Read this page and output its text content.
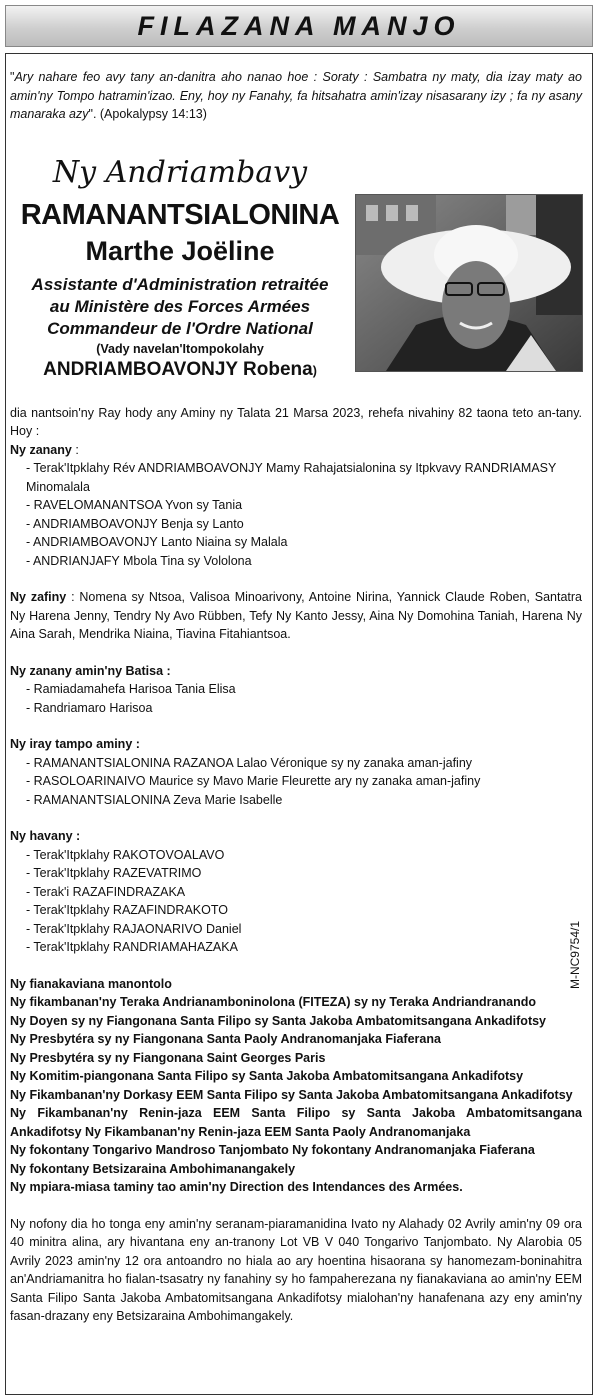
FILAZANA MANJO
M-NC9754/1

"Ary nahare feo avy tany an-danitra aho nanao hoe : Soraty : Sambatra ny maty, dia izay maty ao amin'ny Tompo hatramin'izao. Eny, hoy ny Fanahy, fa hitsahatra amin'izay nisasarany izy ; fa ny asany manaraka azy". (Apokalypsy 14:13)

Ny Andriambavy
RAMANANTSIALONINA
Marthe Joëline
Assistante d'Administration retraitée
au Ministère des Forces Armées
Commandeur de l'Ordre National
(Vady navelan'Itompokolahy
ANDRIAMBOAVONJY Robena)

dia nantsoin'ny Ray hody any Aminy ny Talata 21 Marsa 2023, rehefa nivahiny 82 taona teto an-tany. Hoy :

Ny zanany :

- Terak'Itpklahy Rév ANDRIAMBOAVONJY Mamy Rahajatsialonina sy Itpkvavy RANDRIAMASY Minomalala
- RAVELOMANANTSOA Yvon sy Tania
- ANDRIAMBOAVONJY Benja sy Lanto
- ANDRIAMBOAVONJY Lanto Niaina sy Malala
- ANDRIANJAFY Mbola Tina sy Vololona

Ny zafiny : Nomena sy Ntsoa, Valisoa Minoarivony, Antoine Nirina, Yannick Claude Roben, Santatra Ny Harena Jenny, Tendry Ny Avo Rübben, Tefy Ny Kanto Jessy, Aina Ny Domohina Taniah, Harena Ny Aina Sarah, Mendrika Niaina, Tiavina Fitahiantsoa.

Ny zanany amin'ny Batisa :

- Ramiadamahefa Harisoa Tania Elisa
- Randriamaro Harisoa

Ny iray tampo aminy :

- RAMANANTSIALONINA RAZANOA Lalao Véronique sy ny zanaka aman-jafiny
- RASOLOARINAIVO Maurice sy Mavo Marie Fleurette ary ny zanaka aman-jafiny
- RAMANANTSIALONINA Zeva Marie Isabelle

Ny havany :

- Terak'Itpklahy RAKOTOVOALAVO
- Terak'Itpklahy RAZEVATRIMO
- Terak'i RAZAFINDRAZAKA
- Terak'Itpklahy RAZAFINDRAKOTO
- Terak'Itpklahy RAJAONARIVO Daniel
- Terak'Itpklahy RANDRIAMAHAZAKA

Ny fianakaviana manontolo

Ny fikambanan'ny Teraka Andrianamboninolona (FITEZA) sy ny Teraka Andriandranando

Ny Doyen sy ny Fiangonana Santa Filipo sy Santa Jakoba Ambatomitsangana Ankadifotsy

Ny Presbytéra sy ny Fiangonana Santa Paoly Andranomanjaka Fiaferana

Ny Presbytéra sy ny Fiangonana Saint Georges Paris

Ny Komitim-piangonana Santa Filipo sy Santa Jakoba Ambatomitsangana Ankadifotsy

Ny Fikambanan'ny Dorkasy EEM Santa Filipo sy Santa Jakoba Ambatomitsangana Ankadifotsy

Ny Fikambanan'ny Renin-jaza EEM Santa Filipo sy Santa Jakoba Ambatomitsangana Ankadifotsy Ny Fikambanan'ny Renin-jaza EEM Santa Paoly Andranomanjaka

Ny fokontany Tongarivo Mandroso Tanjombato Ny fokontany Andranomanjaka Fiaferana

Ny fokontany Betsizaraina Ambohimanangakely

Ny mpiara-miasa taminy tao amin'ny Direction des Intendances des Armées.

Ny nofony dia ho tonga eny amin'ny seranam-piaramanidina Ivato ny Alahady 02 Avrily amin'ny 09 ora 40 minitra alina, ary hivantana eny an-tranony Lot VB V 040 Tongarivo Tanjombato. Ny Alarobia 05 Avrily 2023 amin'ny 12 ora antoandro no hiala ao ary hoentina hisaorana sy hanomezam-boninahitra an'Andriamanitra ho fialan-tsasatry ny fanahiny sy ho fampaherezana ny fianakaviana ao amin'ny EEM Santa Filipo Santa Jakoba Ambatomitsangana Ankadifotsy mialohan'ny hanafenana azy eny amin'ny fasan-drazany eny Betsizaraina Ambohimangakely.
